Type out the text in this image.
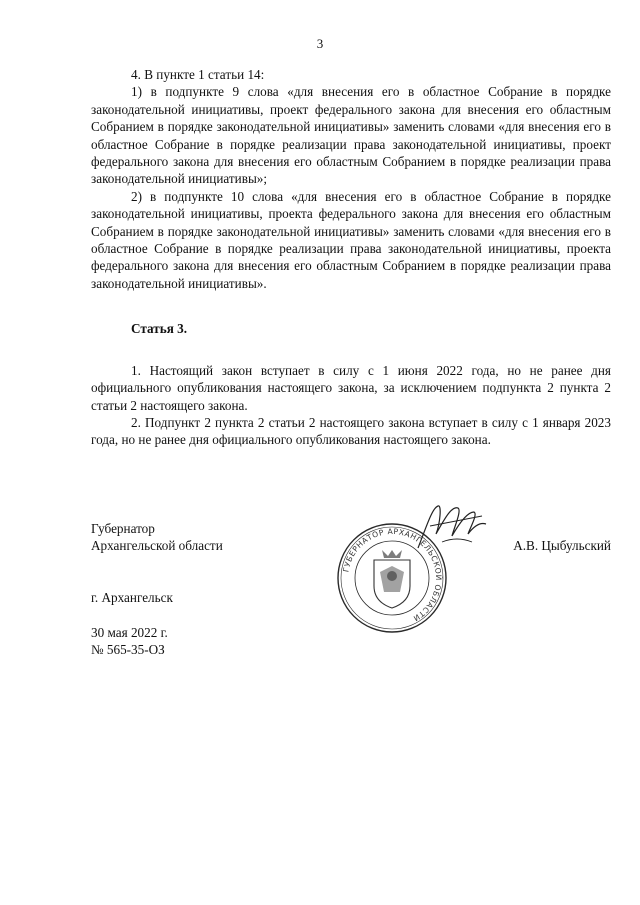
3

4. В пункте 1 статьи 14:

1) в подпункте 9 слова «для внесения его в областное Собрание в порядке законодательной инициативы, проект федерального закона для внесения его областным Собранием в порядке законодательной инициативы» заменить словами «для внесения его в областное Собрание в порядке реализации права законодательной инициативы, проект федерального закона для внесения его областным Собранием в порядке реализации права законодательной инициативы»;

2) в подпункте 10 слова «для внесения его в областное Собрание в порядке законодательной инициативы, проекта федерального закона для внесения его областным Собранием в порядке законодательной инициативы» заменить словами «для внесения его в областное Собрание в порядке реализации права законодательной инициативы, проекта федерального закона для внесения его областным Собранием в порядке реализации права законодательной инициативы».

Статья 3.

1. Настоящий закон вступает в силу с 1 июня 2022 года, но не ранее дня официального опубликования настоящего закона, за исключением подпункта 2 пункта 2 статьи 2 настоящего закона.

2. Подпункт 2 пункта 2 статьи 2 настоящего закона вступает в силу с 1 января 2023 года, но не ранее дня официального опубликования настоящего закона.

Губернатор
Архангельской области	А.В. Цыбульский
ГУБЕРНАТОР АРХАНГЕЛЬСКОЙ ОБЛАСТИ
г. Архангельск
30 мая 2022 г.
№ 565-35-ОЗ
